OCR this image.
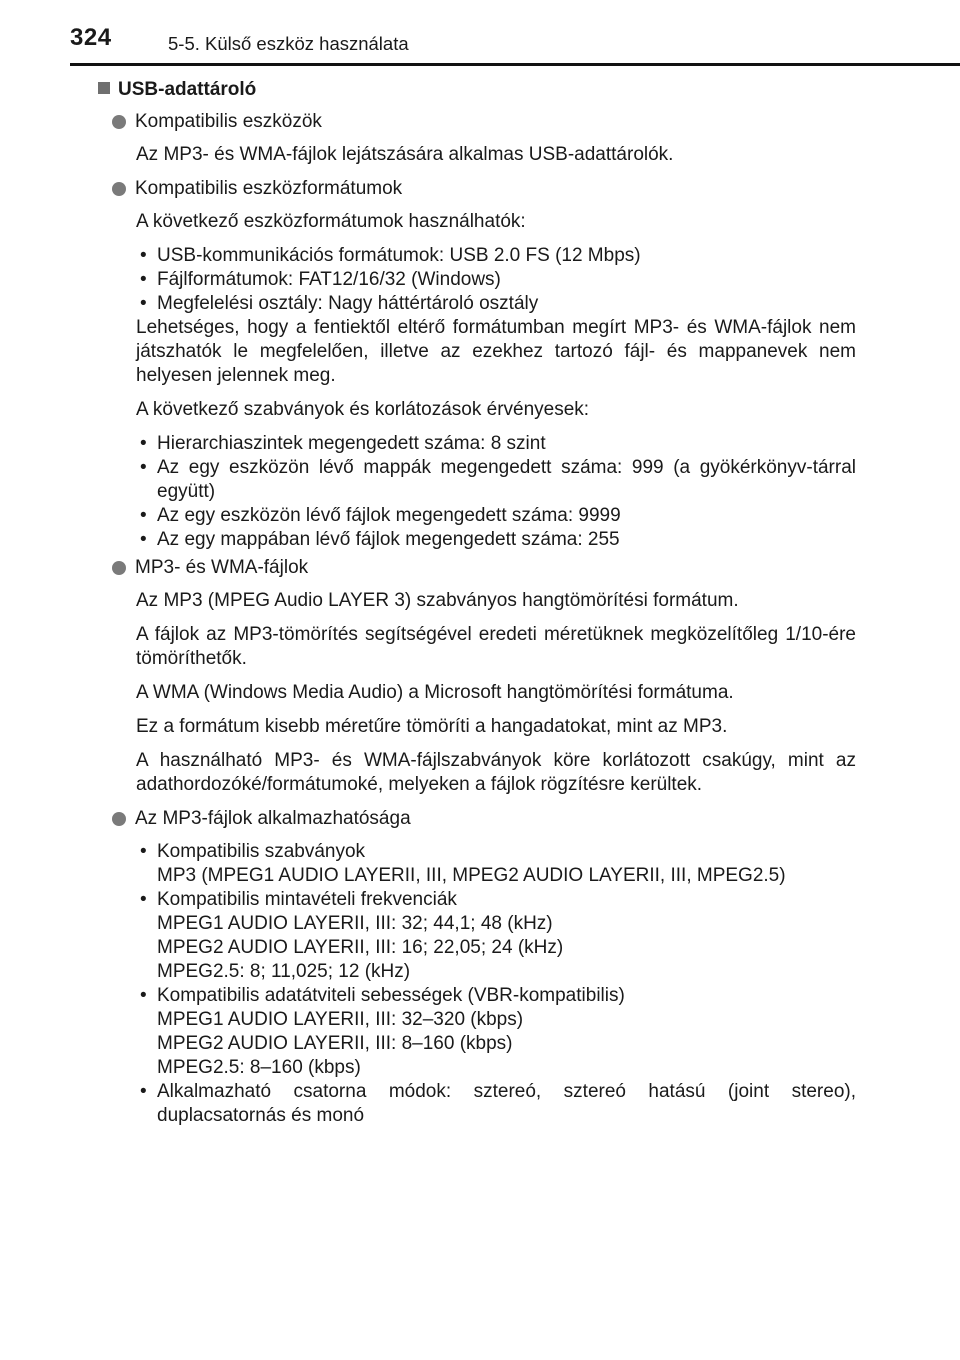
324	5-5. Külső eszköz használata
USB-adattároló
Kompatibilis eszközök
Az MP3- és WMA-fájlok lejátszására alkalmas USB-adattárolók.
Kompatibilis eszközformátumok
A következő eszközformátumok használhatók:
• USB-kommunikációs formátumok: USB 2.0 FS (12 Mbps)
• Fájlformátumok: FAT12/16/32 (Windows)
• Megfelelési osztály: Nagy háttértároló osztály
Lehetséges, hogy a fentiektől eltérő formátumban megírt MP3- és WMA-fájlok nem játszhatók le megfelelően, illetve az ezekhez tartozó fájl- és mappanevek nem helyesen jelennek meg.
A következő szabványok és korlátozások érvényesek:
• Hierarchiaszintek megengedett száma: 8 szint
• Az egy eszközön lévő mappák megengedett száma: 999 (a gyökérkönyv-tárral együtt)
• Az egy eszközön lévő fájlok megengedett száma: 9999
• Az egy mappában lévő fájlok megengedett száma: 255
MP3- és WMA-fájlok
Az MP3 (MPEG Audio LAYER 3) szabványos hangtömörítési formátum.
A fájlok az MP3-tömörítés segítségével eredeti méretüknek megközelítőleg 1/10-ére tömöríthetők.
A WMA (Windows Media Audio) a Microsoft hangtömörítési formátuma.
Ez a formátum kisebb méretűre tömöríti a hangadatokat, mint az MP3.
A használható MP3- és WMA-fájlszabványok köre korlátozott csakúgy, mint az adathordozóké/formátumoké, melyeken a fájlok rögzítésre kerültek.
Az MP3-fájlok alkalmazhatósága
• Kompatibilis szabványok
MP3 (MPEG1 AUDIO LAYERII, III, MPEG2 AUDIO LAYERII, III, MPEG2.5)
• Kompatibilis mintavételi frekvenciák
MPEG1 AUDIO LAYERII, III: 32; 44,1; 48 (kHz)
MPEG2 AUDIO LAYERII, III: 16; 22,05; 24 (kHz)
MPEG2.5: 8; 11,025; 12 (kHz)
• Kompatibilis adatátviteli sebességek (VBR-kompatibilis)
MPEG1 AUDIO LAYERII, III: 32–320 (kbps)
MPEG2 AUDIO LAYERII, III: 8–160 (kbps)
MPEG2.5: 8–160 (kbps)
• Alkalmazható csatorna módok: sztereó, sztereó hatású (joint stereo), duplacsatornás és monó
